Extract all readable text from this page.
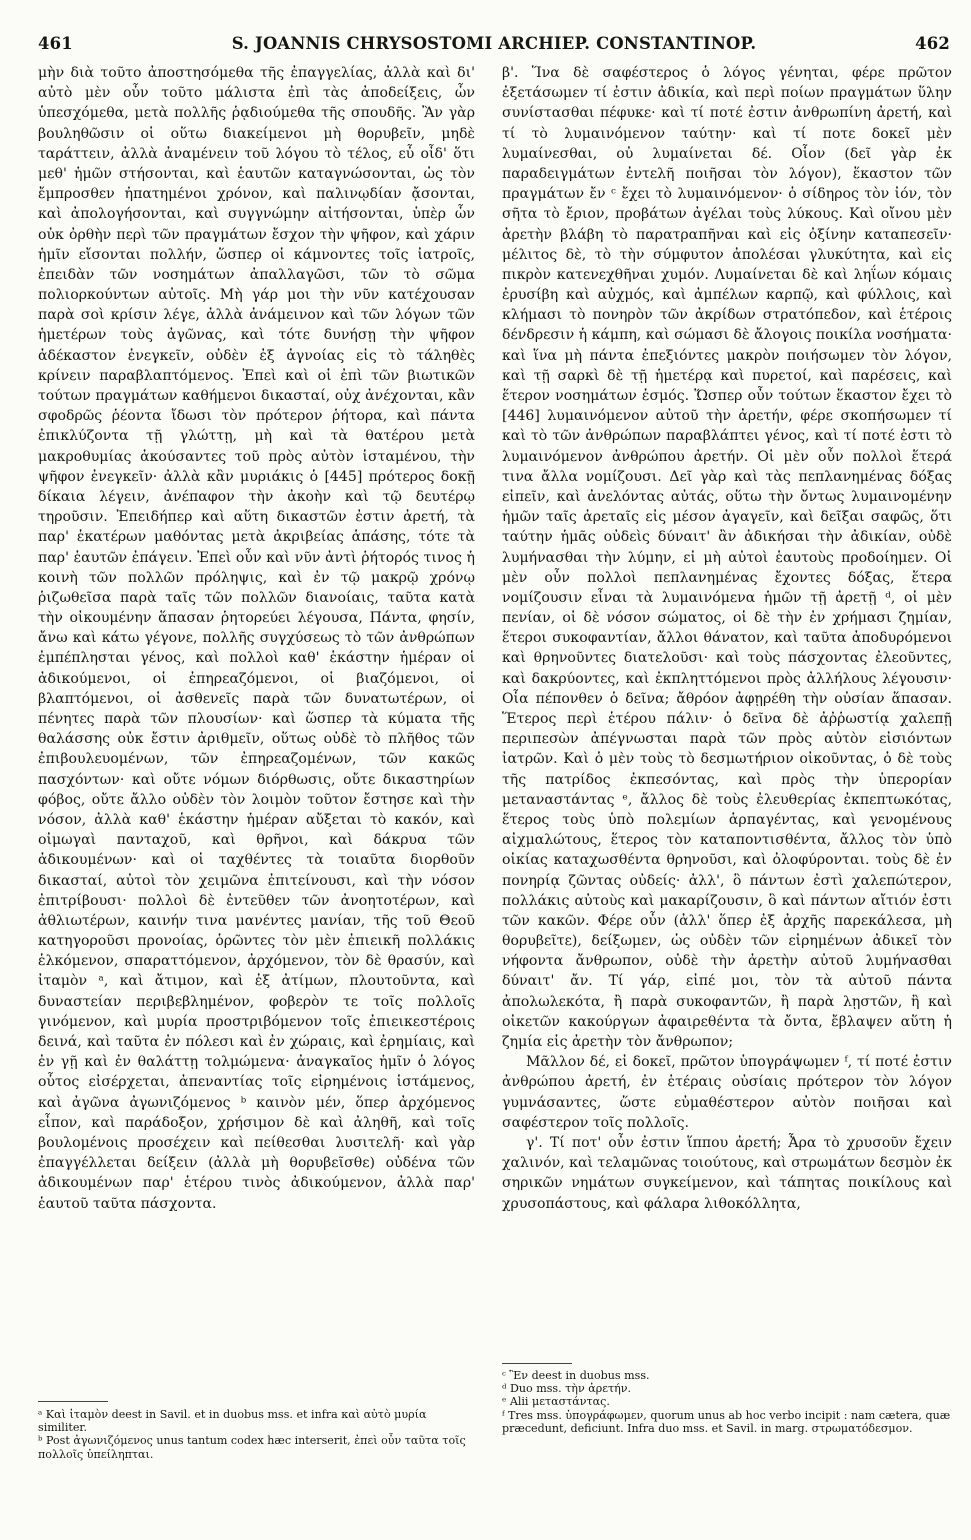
461	S. JOANNIS CHRYSOSTOMI ARCHIEP. CONSTANTINOP.	462

μὴν διὰ τοῦτο ἀποστησόμεθα τῆς ἐπαγγελίας, ἀλλὰ καὶ δι' αὐτὸ μὲν οὖν τοῦτο μάλιστα ἐπὶ τὰς ἀποδείξεις, ὧν ὑπεσχόμεθα, μετὰ πολλῆς ῥᾳδιούμεθα τῆς σπουδῆς. Ἂν γὰρ βουληθῶσιν οἱ οὕτω διακείμενοι μὴ θορυβεῖν, μηδὲ ταράττειν, ἀλλὰ ἀναμένειν τοῦ λόγου τὸ τέλος, εὖ οἶδ' ὅτι μεθ' ἡμῶν στήσονται, καὶ ἑαυτῶν καταγνώσονται, ὡς τὸν ἔμπροσθεν ἠπατημένοι χρόνον, καὶ παλινῳδίαν ᾄσονται, καὶ ἀπολογήσονται, καὶ συγγνώμην αἰτήσονται, ὑπὲρ ὧν οὐκ ὀρθὴν περὶ τῶν πραγμάτων ἔσχον τὴν ψῆφον, καὶ χάριν ἡμῖν εἴσονται πολλήν, ὥσπερ οἱ κάμνοντες τοῖς ἰατροῖς, ἐπειδὰν τῶν νοσημάτων ἀπαλλαγῶσι, τῶν τὸ σῶμα πολιορκούντων αὐτοῖς. Μὴ γάρ μοι τὴν νῦν κατέχουσαν παρὰ σοὶ κρίσιν λέγε, ἀλλὰ ἀνάμεινον καὶ τῶν λόγων τῶν ἡμετέρων τοὺς ἀγῶνας, καὶ τότε δυνήσῃ τὴν ψῆφον ἀδέκαστον ἐνεγκεῖν, οὐδὲν ἐξ ἀγνοίας εἰς τὸ τάληθὲς κρίνειν παραβλαπτόμενος. Ἐπεὶ καὶ οἱ ἐπὶ τῶν βιωτικῶν τούτων πραγμάτων καθήμενοι δικασταί, οὐχ ἀνέχονται, κἂν σφοδρῶς ῥέοντα ἴδωσι τὸν πρότερον ῥήτορα, καὶ πάντα ἐπικλύζοντα τῇ γλώττῃ, μὴ καὶ τὰ θατέρου μετὰ μακροθυμίας ἀκούσαντες τοῦ πρὸς αὐτὸν ἱσταμένου, τὴν ψῆφον ἐνεγκεῖν· ἀλλὰ κἂν μυριάκις ὁ [445] πρότερος δοκῇ δίκαια λέγειν, ἀνέπαφον τὴν ἀκοὴν καὶ τῷ δευτέρῳ τηροῦσιν. Ἐπειδήπερ καὶ αὕτη δικαστῶν ἐστιν ἀρετή, τὰ παρ' ἑκατέρων μαθόντας μετὰ ἀκριβείας ἁπάσης, τότε τὰ παρ' ἑαυτῶν ἐπάγειν. Ἐπεὶ οὖν καὶ νῦν ἀντὶ ῥήτορός τινος ἡ κοινὴ τῶν πολλῶν πρόληψις, καὶ ἐν τῷ μακρῷ χρόνῳ ῥιζωθεῖσα παρὰ ταῖς τῶν πολλῶν διανοίαις, ταῦτα κατὰ τὴν οἰκουμένην ἅπασαν ῥητορεύει λέγουσα, Πάντα, φησίν, ἄνω καὶ κάτω γέγονε, πολλῆς συγχύσεως τὸ τῶν ἀνθρώπων ἐμπέπλησται γένος, καὶ πολλοὶ καθ' ἑκάστην ἡμέραν οἱ ἀδικούμενοι, οἱ ἐπηρεαζόμενοι, οἱ βιαζόμενοι, οἱ βλαπτόμενοι, οἱ ἀσθενεῖς παρὰ τῶν δυνατωτέρων, οἱ πένητες παρὰ τῶν πλουσίων· καὶ ὥσπερ τὰ κύματα τῆς θαλάσσης οὐκ ἔστιν ἀριθμεῖν, οὕτως οὐδὲ τὸ πλῆθος τῶν ἐπιβουλευομένων, τῶν ἐπηρεαζομένων, τῶν κακῶς πασχόντων· καὶ οὔτε νόμων διόρθωσις, οὔτε δικαστηρίων φόβος, οὔτε ἄλλο οὐδὲν τὸν λοιμὸν τοῦτον ἔστησε καὶ τὴν νόσον, ἀλλὰ καθ' ἑκάστην ἡμέραν αὔξεται τὸ κακόν, καὶ οἰμωγαὶ πανταχοῦ, καὶ θρῆνοι, καὶ δάκρυα τῶν ἀδικουμένων· καὶ οἱ ταχθέντες τὰ τοιαῦτα διορθοῦν δικασταί, αὐτοὶ τὸν χειμῶνα ἐπιτείνουσι, καὶ τὴν νόσον ἐπιτρίβουσι· πολλοὶ δὲ ἐντεῦθεν τῶν ἀνοητοτέρων, καὶ ἀθλιωτέρων, καινήν τινα μανέντες μανίαν, τῆς τοῦ Θεοῦ κατηγοροῦσι προνοίας, ὁρῶντες τὸν μὲν ἐπιεικῆ πολλάκις ἑλκόμενον, σπαραττόμενον, ἀρχόμενον, τὸν δὲ θρασύν, καὶ ἰταμὸν ᵃ, καὶ ἄτιμον, καὶ ἐξ ἀτίμων, πλουτοῦντα, καὶ δυναστείαν περιβεβλημένον, φοβερὸν τε τοῖς πολλοῖς γινόμενον, καὶ μυρία προστριβόμενον τοῖς ἐπιεικεστέροις δεινά, καὶ ταῦτα ἐν πόλεσι καὶ ἐν χώραις, καὶ ἐρημίαις, καὶ ἐν γῇ καὶ ἐν θαλάττῃ τολμώμενα· ἀναγκαῖος ἡμῖν ὁ λόγος οὗτος εἰσέρχεται, ἀπεναντίας τοῖς εἰρημένοις ἱστάμενος, καὶ ἀγῶνα ἀγωνιζόμενος ᵇ καινὸν μέν, ὅπερ ἀρχόμενος εἶπον, καὶ παράδοξον, χρήσιμον δὲ καὶ ἀληθῆ, καὶ τοῖς βουλομένοις προσέχειν καὶ πείθεσθαι λυσιτελῆ· καὶ γὰρ ἐπαγγέλλεται δείξειν (ἀλλὰ μὴ θορυβεῖσθε) οὐδένα τῶν ἀδικουμένων παρ' ἑτέρου τινὸς ἀδικούμενον, ἀλλὰ παρ' ἑαυτοῦ ταῦτα πάσχοντα.

ᵃ Καὶ ἰταμὸν deest in Savil. et in duobus mss. et infra καὶ αὐτὸ μυρία similiter.
ᵇ Post ἀγωνιζόμενος unus tantum codex hæc interserit, ἐπεὶ οὖν ταῦτα τοῖς πολλοῖς ὑπείληπται.

β'. Ἵνα δὲ σαφέστερος ὁ λόγος γένηται, φέρε πρῶτον ἐξετάσωμεν τί ἐστιν ἀδικία, καὶ περὶ ποίων πραγμάτων ὕλην συνίστασθαι πέφυκε· καὶ τί ποτέ ἐστιν ἀνθρωπίνη ἀρετή, καὶ τί τὸ λυμαινόμενον ταύτην· καὶ τί ποτε δοκεῖ μὲν λυμαίνεσθαι, οὐ λυμαίνεται δέ. Οἷον (δεῖ γὰρ ἐκ παραδειγμάτων ἐντελῆ ποιῆσαι τὸν λόγον), ἕκαστον τῶν πραγμάτων ἔν ᶜ ἔχει τὸ λυμαινόμενον· ὁ σίδηρος τὸν ἰόν, τὸν σῆτα τὸ ἔριον, προβάτων ἀγέλαι τοὺς λύκους. Καὶ οἴνου μὲν ἀρετὴν βλάβη τὸ παρατραπῆναι καὶ εἰς ὀξίνην καταπεσεῖν· μέλιτος δὲ, τὸ τὴν σύμφυτον ἀπολέσαι γλυκύτητα, καὶ εἰς πικρὸν κατενεχθῆναι χυμόν. Λυμαίνεται δὲ καὶ ληΐων κόμαις ἐρυσίβη καὶ αὐχμός, καὶ ἀμπέλων καρπῷ, καὶ φύλλοις, καὶ κλήμασι τὸ πονηρὸν τῶν ἀκρίδων στρατόπεδον, καὶ ἑτέροις δένδρεσιν ἡ κάμπη, καὶ σώμασι δὲ ἄλογοις ποικίλα νοσήματα· καὶ ἵνα μὴ πάντα ἐπεξιόντες μακρὸν ποιήσωμεν τὸν λόγον, καὶ τῇ σαρκὶ δὲ τῇ ἡμετέρᾳ καὶ πυρετοί, καὶ παρέσεις, καὶ ἕτερον νοσημάτων ἑσμός. Ὥσπερ οὖν τούτων ἕκαστον ἔχει τὸ [446] λυμαινόμενον αὐτοῦ τὴν ἀρετήν, φέρε σκοπήσωμεν τί καὶ τὸ τῶν ἀνθρώπων παραβλάπτει γένος, καὶ τί ποτέ ἐστι τὸ λυμαινόμενον ἀνθρώπου ἀρετήν. Οἱ μὲν οὖν πολλοὶ ἕτερά τινα ἄλλα νομίζουσι. Δεῖ γὰρ καὶ τὰς πεπλανημένας δόξας εἰπεῖν, καὶ ἀνελόντας αὐτάς, οὕτω τὴν ὄντως λυμαινομένην ἡμῶν ταῖς ἀρεταῖς εἰς μέσον ἀγαγεῖν, καὶ δεῖξαι σαφῶς, ὅτι ταύτην ἡμᾶς οὐδεὶς δύναιτ' ἂν ἀδικήσαι τὴν ἀδικίαν, οὐδὲ λυμήνασθαι τὴν λύμην, εἰ μὴ αὐτοὶ ἑαυτοὺς προδοίημεν. Οἱ μὲν οὖν πολλοὶ πεπλανημένας ἔχοντες δόξας, ἕτερα νομίζουσιν εἶναι τὰ λυμαινόμενα ἡμῶν τῇ ἀρετῇ ᵈ, οἱ μὲν πενίαν, οἱ δὲ νόσον σώματος, οἱ δὲ τὴν ἐν χρήμασι ζημίαν, ἕτεροι συκοφαντίαν, ἄλλοι θάνατον, καὶ ταῦτα ἀποδυρόμενοι καὶ θρηνοῦντες διατελοῦσι· καὶ τοὺς πάσχοντας ἐλεοῦντες, καὶ δακρύοντες, καὶ ἐκπληττόμενοι πρὸς ἀλλήλους λέγουσιν· Οἷα πέπονθεν ὁ δεῖνα; ἄθρόον ἀφῃρέθη τὴν οὐσίαν ἅπασαν. Ἕτερος περὶ ἑτέρου πάλιν· ὁ δεῖνα δὲ ἀῤῥωστίᾳ χαλεπῇ περιπεσὼν ἀπέγνωσται παρὰ τῶν πρὸς αὐτὸν εἰσιόντων ἰατρῶν. Καὶ ὁ μὲν τοὺς τὸ δεσμωτήριον οἰκοῦντας, ὁ δὲ τοὺς τῆς πατρίδος ἐκπεσόντας, καὶ πρὸς τὴν ὑπερορίαν μεταναστάντας ᵉ, ἄλλος δὲ τοὺς ἐλευθερίας ἐκπεπτωκότας, ἕτερος τοὺς ὑπὸ πολεμίων ἁρπαγέντας, καὶ γενομένους αἰχμαλώτους, ἕτερος τὸν καταποντισθέντα, ἄλλος τὸν ὑπὸ οἰκίας καταχωσθέντα θρηνοῦσι, καὶ ὀλοφύρονται. τοὺς δὲ ἐν πονηρίᾳ ζῶντας οὐδείς· ἀλλ', ὃ πάντων ἐστὶ χαλεπώτερον, πολλάκις αὐτοὺς καὶ μακαρίζουσιν, ὃ καὶ πάντων αἴτιόν ἐστι τῶν κακῶν. Φέρε οὖν (ἀλλ' ὅπερ ἐξ ἀρχῆς παρεκάλεσα, μὴ θορυβεῖτε), δείξωμεν, ὡς οὐδὲν τῶν εἰρημένων ἀδικεῖ τὸν νήφοντα ἄνθρωπον, οὐδὲ τὴν ἀρετὴν αὐτοῦ λυμήνασθαι δύναιτ' ἄν. Τί γάρ, εἰπέ μοι, τὸν τὰ αὐτοῦ πάντα ἀπολωλεκότα, ἢ παρὰ συκοφαντῶν, ἢ παρὰ λῃστῶν, ἢ καὶ οἰκετῶν κακούργων ἀφαιρεθέντα τὰ ὄντα, ἔβλαψεν αὕτη ἡ ζημία εἰς ἀρετὴν τὸν ἄνθρωπον;

Μᾶλλον δέ, εἰ δοκεῖ, πρῶτον ὑπογράψωμεν ᶠ, τί ποτέ ἐστιν ἀνθρώπου ἀρετή, ἐν ἑτέραις οὐσίαις πρότερον τὸν λόγον γυμνάσαντες, ὥστε εὐμαθέστερον αὐτὸν ποιῆσαι καὶ σαφέστερον τοῖς πολλοῖς.

γ'. Τί ποτ' οὖν ἐστιν ἵππου ἀρετή; Ἆρα τὸ χρυσοῦν ἔχειν χαλινόν, καὶ τελαμῶνας τοιούτους, καὶ στρωμάτων δεσμὸν ἐκ σηρικῶν νημάτων συγκείμενον, καὶ τάπητας ποικίλους καὶ χρυσοπάστους, καὶ φάλαρα λιθοκόλλητα,

ᶜ Ἓν deest in duobus mss.
ᵈ Duo mss. τὴν ἀρετήν.
ᵉ Alii μεταστάντας.
ᶠ Tres mss. ὑπογράφωμεν, quorum unus ab hoc verbo incipit : nam cætera, quæ præcedunt, deficiunt. Infra duo mss. et Savil. in marg. στρωματόδεσμον.
